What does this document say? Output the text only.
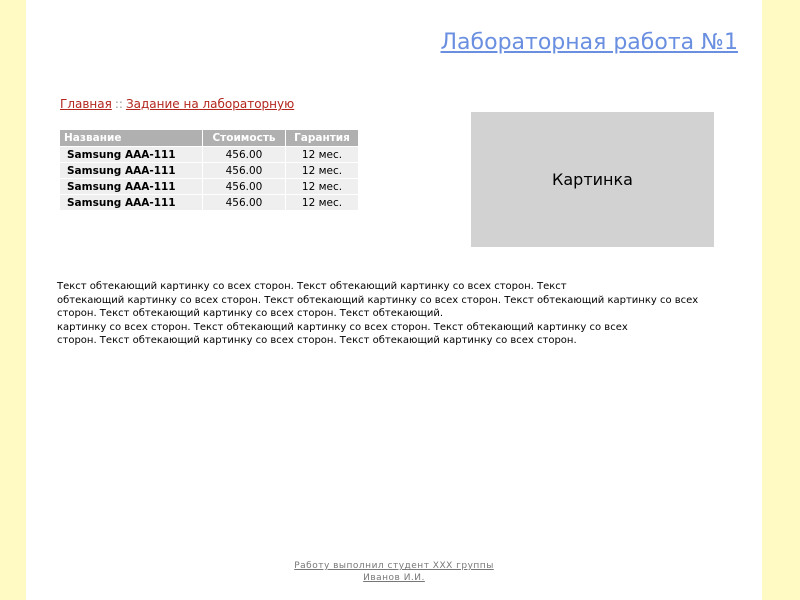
Лабораторная работа №1
Главная :: Задание на лабораторную
Название	Стоимость	Гарантия
Samsung AAA-111	456.00	12 мес.
Samsung AAA-111	456.00	12 мес.
Samsung AAA-111	456.00	12 мес.
Samsung AAA-111	456.00	12 мес.
Картинка
Текст обтекающий картинку со всех сторон. Текст обтекающий картинку со всех сторон. Текст
обтекающий картинку со всех сторон. Текст обтекающий картинку со всех сторон. Текст обтекающий картинку со всех
сторон. Текст обтекающий картинку со всех сторон. Текст обтекающий.
картинку со всех сторон. Текст обтекающий картинку со всех сторон. Текст обтекающий картинку со всех
сторон. Текст обтекающий картинку со всех сторон. Текст обтекающий картинку со всех сторон.
Работу выполнил студент XXX группы
Иванов И.И.
